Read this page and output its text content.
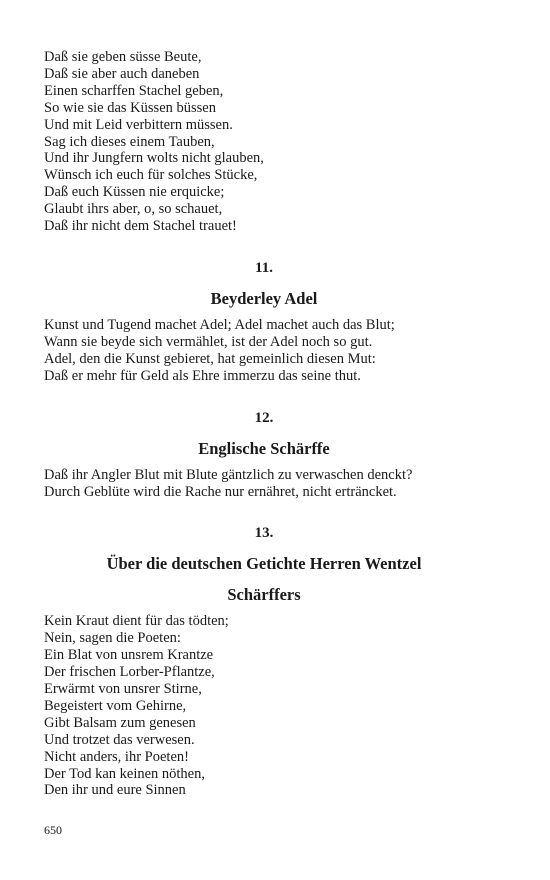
Daß sie geben süsse Beute,
Daß sie aber auch daneben
Einen scharffen Stachel geben,
So wie sie das Küssen büssen
Und mit Leid verbittern müssen.
Sag ich dieses einem Tauben,
Und ihr Jungfern wolts nicht glauben,
Wünsch ich euch für solches Stücke,
Daß euch Küssen nie erquicke;
Glaubt ihrs aber, o, so schauet,
Daß ihr nicht dem Stachel trauet!
11.
Beyderley Adel
Kunst und Tugend machet Adel; Adel machet auch das Blut;
Wann sie beyde sich vermählet, ist der Adel noch so gut.
Adel, den die Kunst gebieret, hat gemeinlich diesen Mut:
Daß er mehr für Geld als Ehre immerzu das seine thut.
12.
Englische Schärffe
Daß ihr Angler Blut mit Blute gäntzlich zu verwaschen denckt?
Durch Geblüte wird die Rache nur ernähret, nicht erträncket.
13.
Über die deutschen Getichte Herren Wentzel
Schärffers
Kein Kraut dient für das tödten;
Nein, sagen die Poeten:
Ein Blat von unsrem Krantze
Der frischen Lorber-Pflantze,
Erwärmt von unsrer Stirne,
Begeistert vom Gehirne,
Gibt Balsam zum genesen
Und trotzet das verwesen.
Nicht anders, ihr Poeten!
Der Tod kan keinen nöthen,
Den ihr und eure Sinnen
650
